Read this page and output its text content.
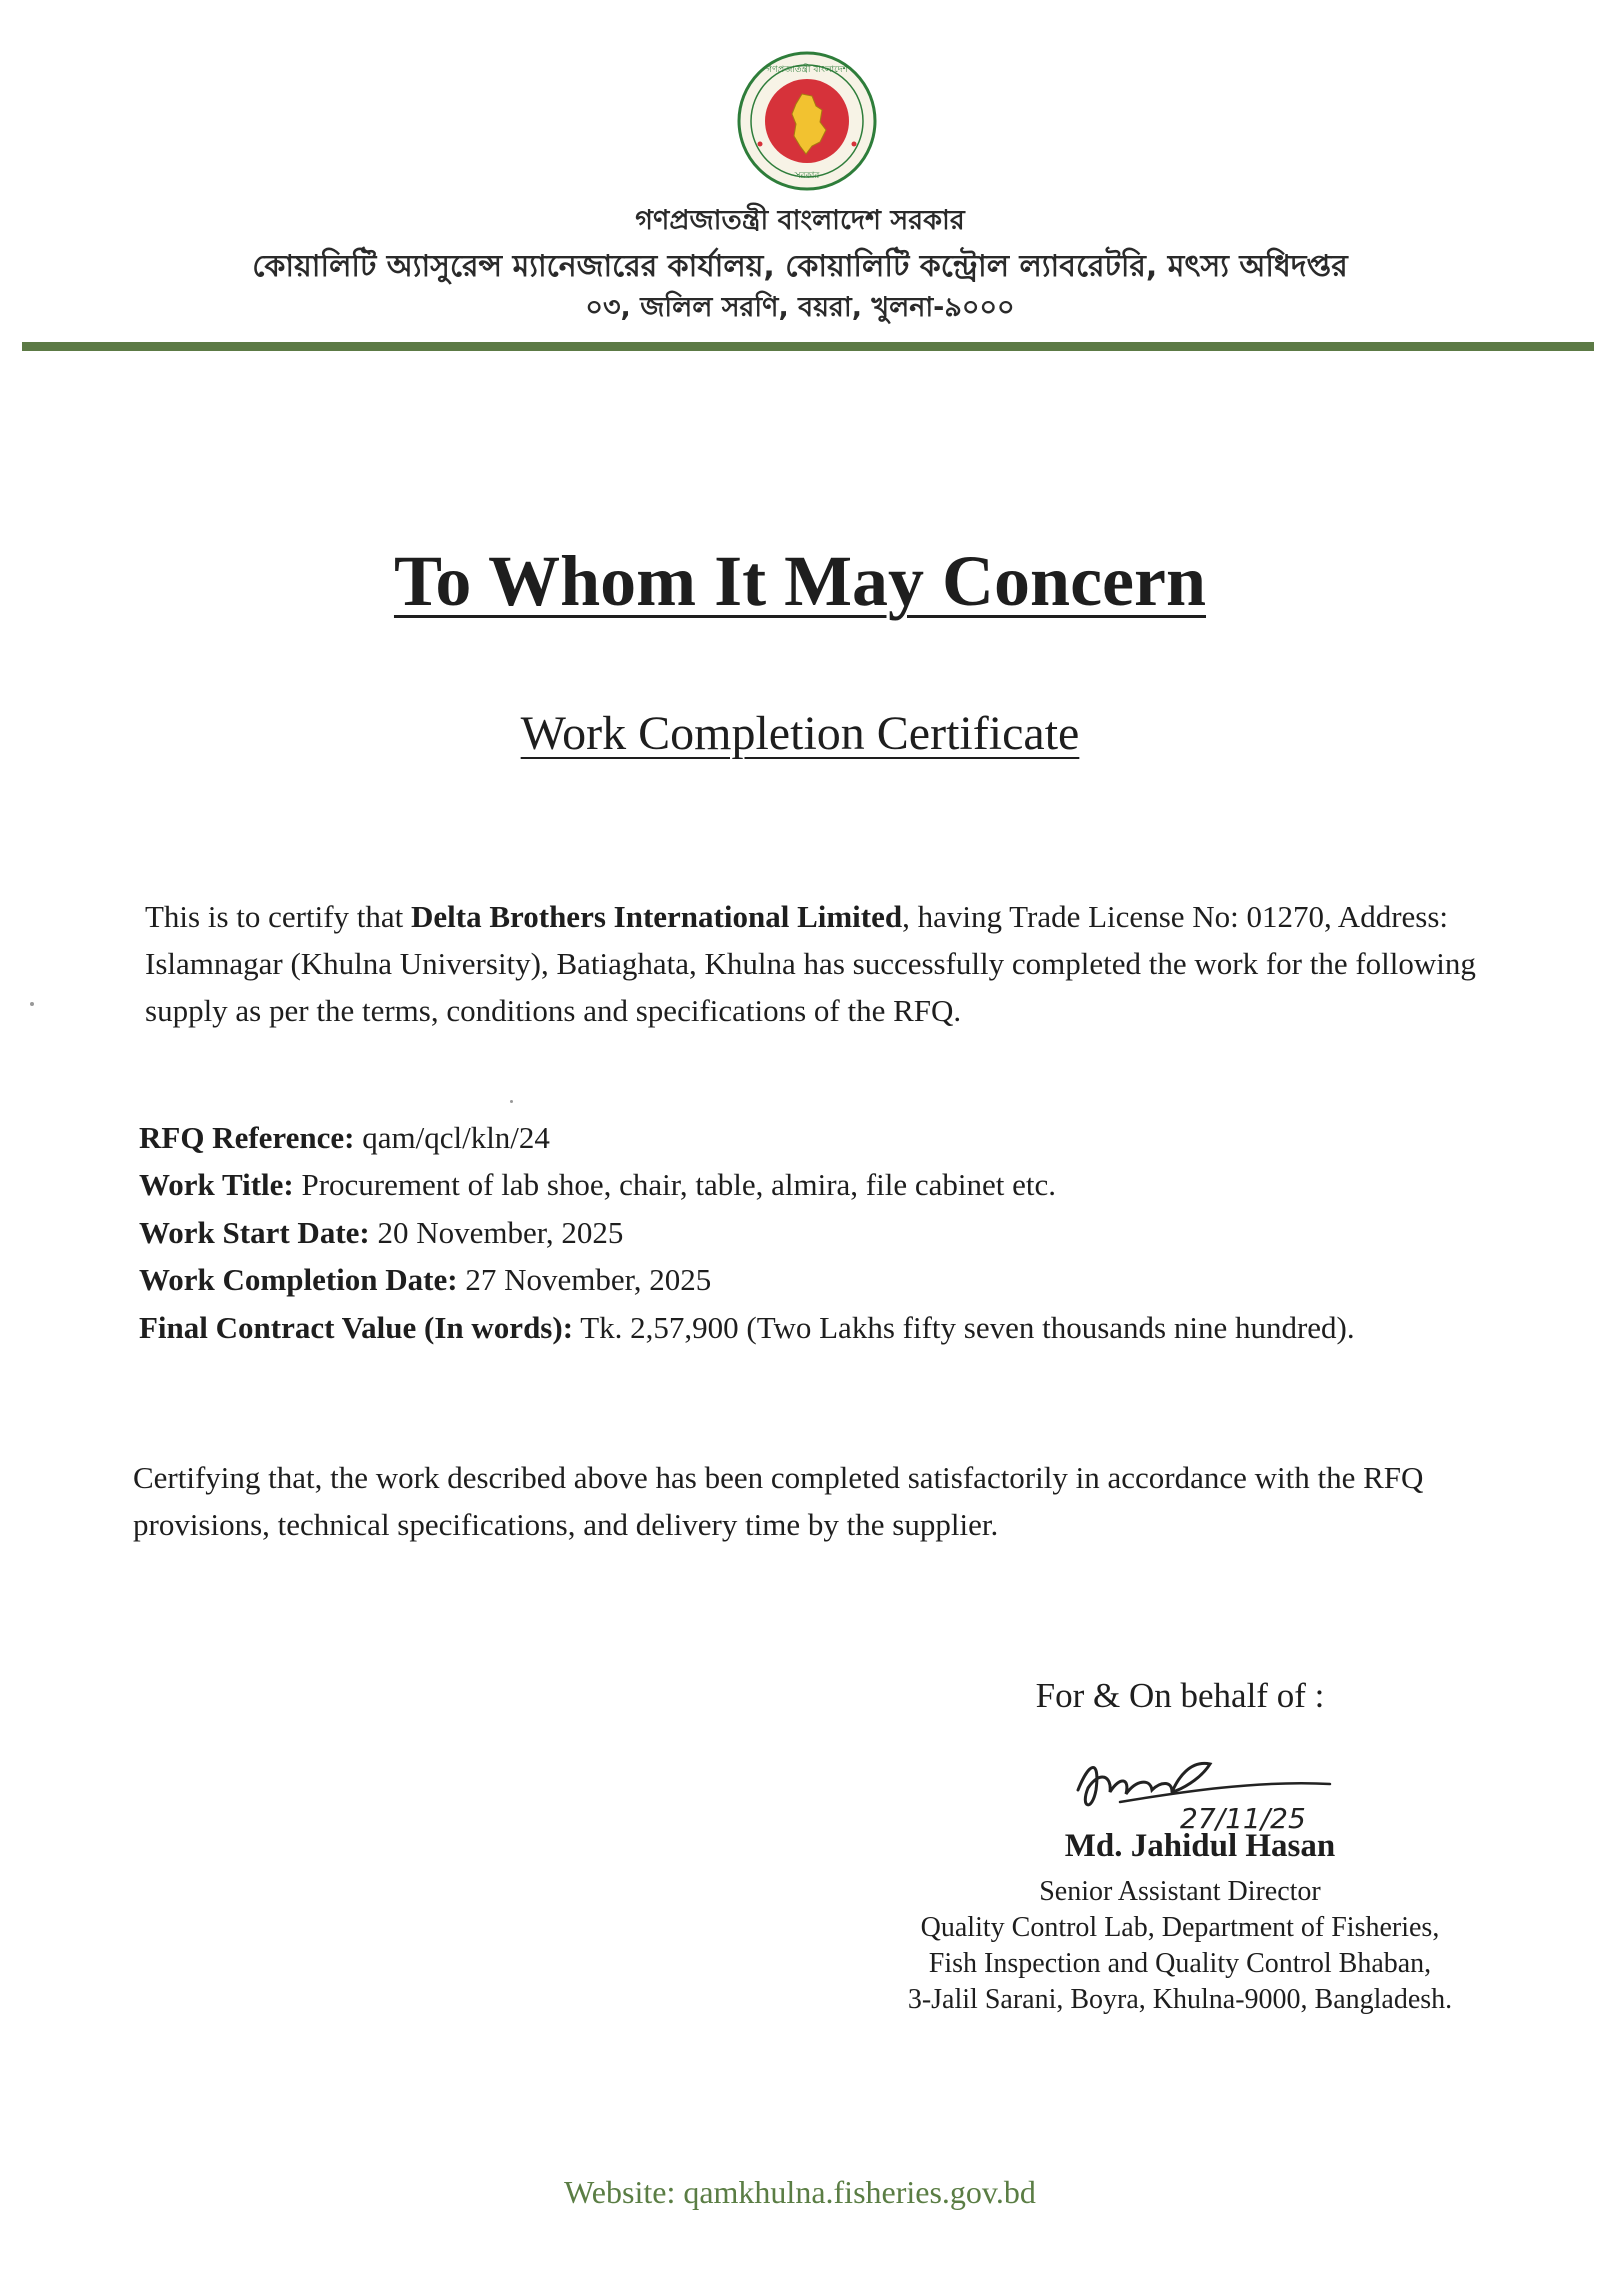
গণপ্রজাতন্ত্রী বাংলাদেশ
সরকার
গণপ্রজাতন্ত্রী বাংলাদেশ সরকার
কোয়ালিটি অ্যাসুরেন্স ম্যানেজারের কার্যালয়, কোয়ালিটি কন্ট্রোল ল্যাবরেটরি, মৎস্য অধিদপ্তর
০৩, জলিল সরণি, বয়রা, খুলনা-৯০০০
To Whom It May Concern
Work Completion Certificate
This is to certify that Delta Brothers International Limited, having Trade License No: 01270, Address: Islamnagar (Khulna University), Batiaghata, Khulna has successfully completed the work for the following supply as per the terms, conditions and specifications of the RFQ.
RFQ Reference: qam/qcl/kln/24
Work Title: Procurement of lab shoe, chair, table, almira, file cabinet etc.
Work Start Date: 20 November, 2025
Work Completion Date: 27 November, 2025
Final Contract Value (In words): Tk. 2,57,900 (Two Lakhs fifty seven thousands nine hundred).
Certifying that, the work described above has been completed satisfactorily in accordance with the RFQ provisions, technical specifications, and delivery time by the supplier.
For & On behalf of :
27/11/25
Md. Jahidul Hasan
Senior Assistant Director
Quality Control Lab, Department of Fisheries,
Fish Inspection and Quality Control Bhaban,
3-Jalil Sarani, Boyra, Khulna-9000, Bangladesh.
Website: qamkhulna.fisheries.gov.bd
